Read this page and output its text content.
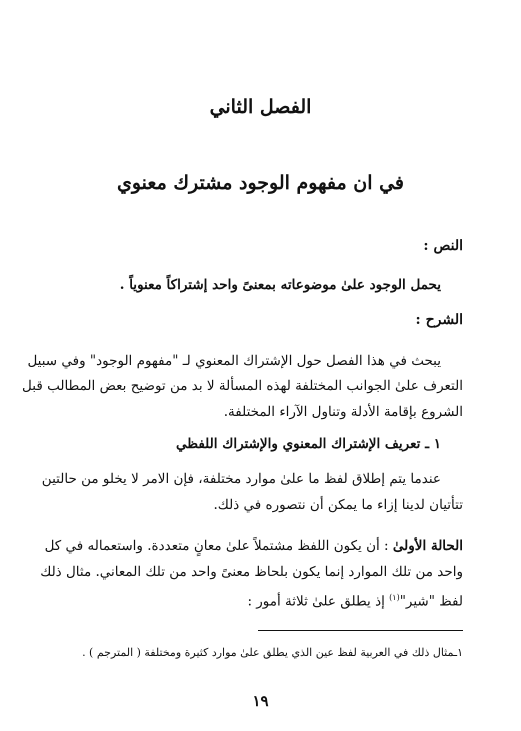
الفصل الثاني
في ان مفهوم الوجود مشترك معنوي
النص :
يحمل الوجود علىٰ موضوعاته بمعنىً واحد إشتراكاً معنوياً .
الشرح :
يبحث في هذا الفصل حول الإشتراك المعنوي لـ "مفهوم الوجود" وفي سبيل
التعرف علىٰ الجوانب المختلفة لهذه المسألة لا بد من توضيح بعض المطالب قبل
الشروع بإقامة الأدلة وتناول الآراء المختلفة.
١ ـ تعريف الإشتراك المعنوي والإشتراك اللفظي
عندما يتم إطلاق لفظ ما علىٰ موارد مختلفة، فإن الامر لا يخلو من حالتين
تتأتيان لدينا إزاء ما يمكن أن نتصوره في ذلك.
الحالة الأولىٰ : أن يكون اللفظ مشتملاً علىٰ معانٍ متعددة. واستعماله في كل
واحد من تلك الموارد إنما يكون بلحاظ معنىً واحد من تلك المعاني. مثال ذلك
لفظ "شير"$^{(١)}$ إذ يطلق علىٰ ثلاثة أمور :
١ـمثال ذلك في العربية لفظ عين الذي يطلق علىٰ موارد كثيرة ومختلفة ( المترجم ) .
١٩
